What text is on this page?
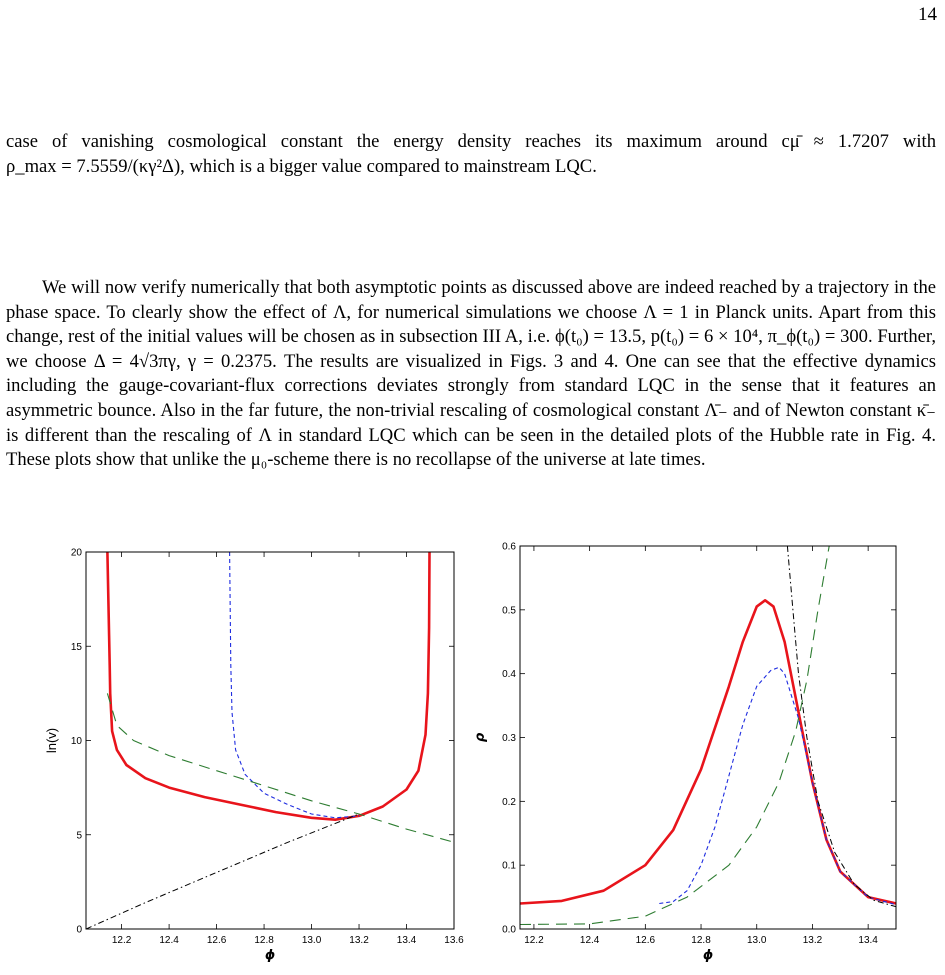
14

case of vanishing cosmological constant the energy density reaches its maximum around cμ̄ ≈ 1.7207 with ρ_max = 7.5559/(κγ²Δ), which is a bigger value compared to mainstream LQC.

We will now verify numerically that both asymptotic points as discussed above are indeed reached by a trajectory in the phase space. To clearly show the effect of Λ, for numerical simulations we choose Λ = 1 in Planck units. Apart from this change, rest of the initial values will be chosen as in subsection III A, i.e. ϕ(t₀) = 13.5, p(t₀) = 6 × 10⁴, π_ϕ(t₀) = 300. Further, we choose Δ = 4√3πγ, γ = 0.2375. The results are visualized in Figs. 3 and 4. One can see that the effective dynamics including the gauge-covariant-flux corrections deviates strongly from standard LQC in the sense that it features an asymmetric bounce. Also in the far future, the non-trivial rescaling of cosmological constant Λ̄₋ and of Newton constant κ̄₋ is different than the rescaling of Λ in standard LQC which can be seen in the detailed plots of the Hubble rate in Fig. 4. These plots show that unlike the μ₀-scheme there is no recollapse of the universe at late times.

12.2	12.4	12.6	12.8	13.0	13.2	13.4	13.6
0
5
10
15
20
ϕ
ln(v)
12.2	12.4	12.6	12.8	13.0	13.2	13.4
0.0
0.1
0.2
0.3
0.4
0.5
0.6
ϕ
ρ
